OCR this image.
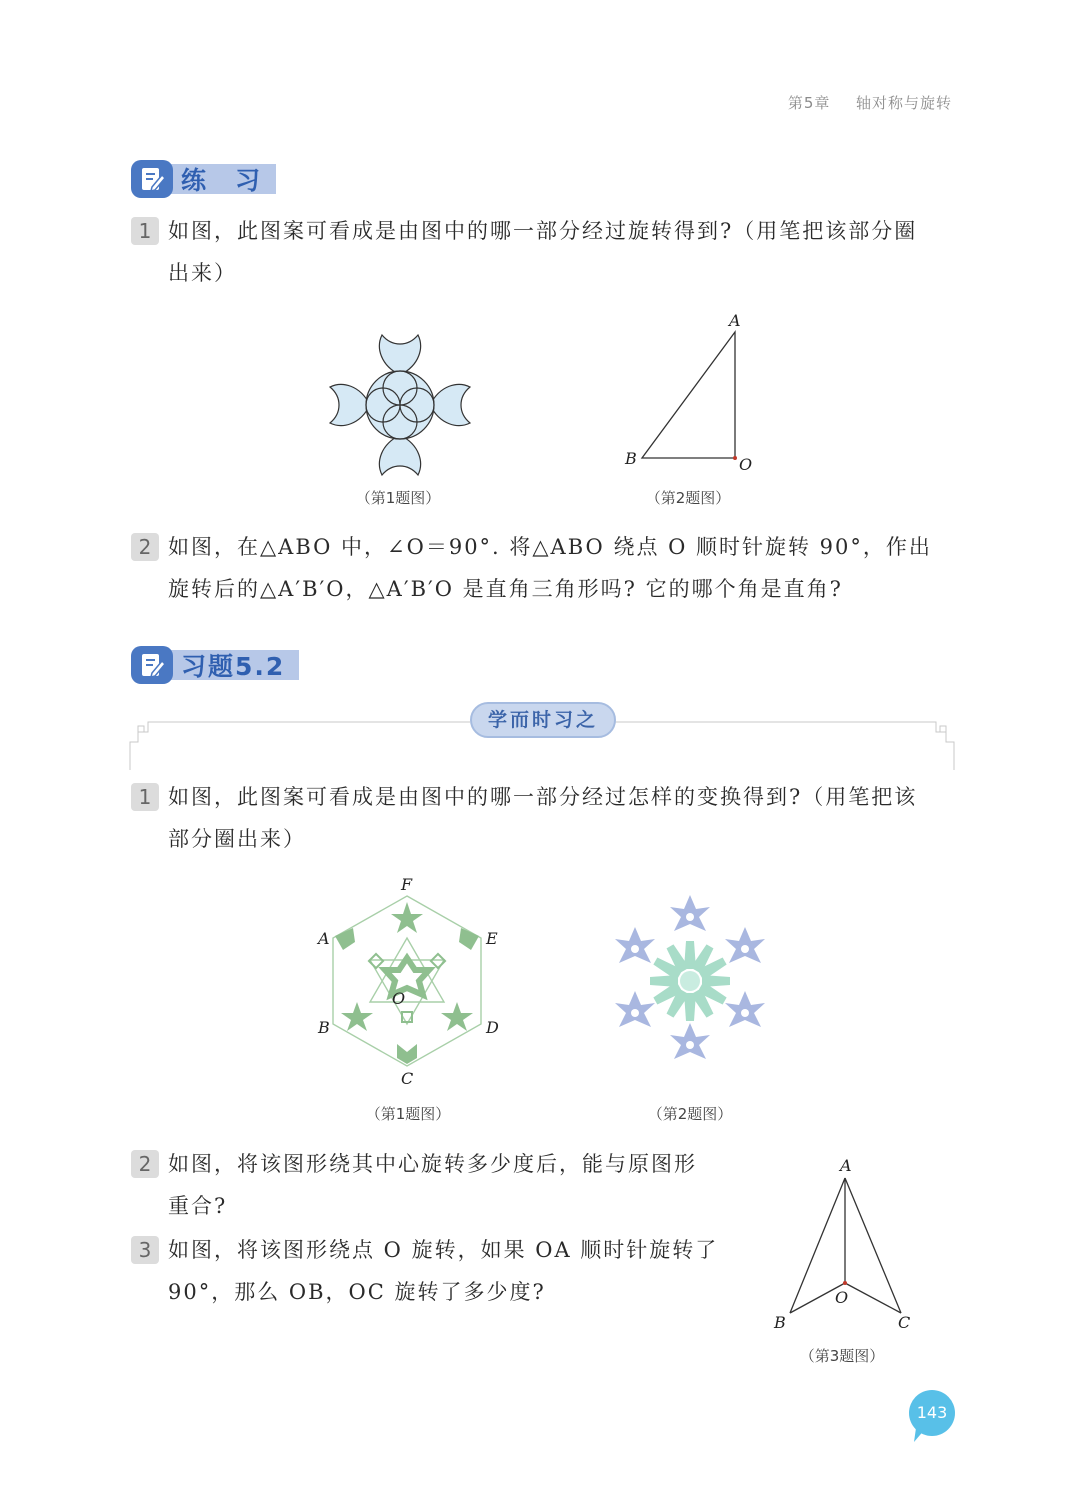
第5章 轴对称与旋转
练　习
1 如图，此图案可看成是由图中的哪一部分经过旋转得到?（用笔把该部分圈
出来）
（第1题图）
A
B	O
（第2题图）
2 如图，在△ABO 中，∠O＝90°. 将△ABO 绕点 O 顺时针旋转 90°，作出
旋转后的△A′B′O，△A′B′O 是直角三角形吗? 它的哪个角是直角?
习题5.2
学而时习之
1 如图，此图案可看成是由图中的哪一部分经过怎样的变换得到?（用笔把该
部分圈出来）
F
E
D
C
B
A
O
（第1题图）	（第2题图）
2 如图，将该图形绕其中心旋转多少度后，能与原图形
重合?
3 如图，将该图形绕点 O 旋转，如果 OA 顺时针旋转了
90°，那么 OB，OC 旋转了多少度?
A
B	C
O
（第3题图）
143
